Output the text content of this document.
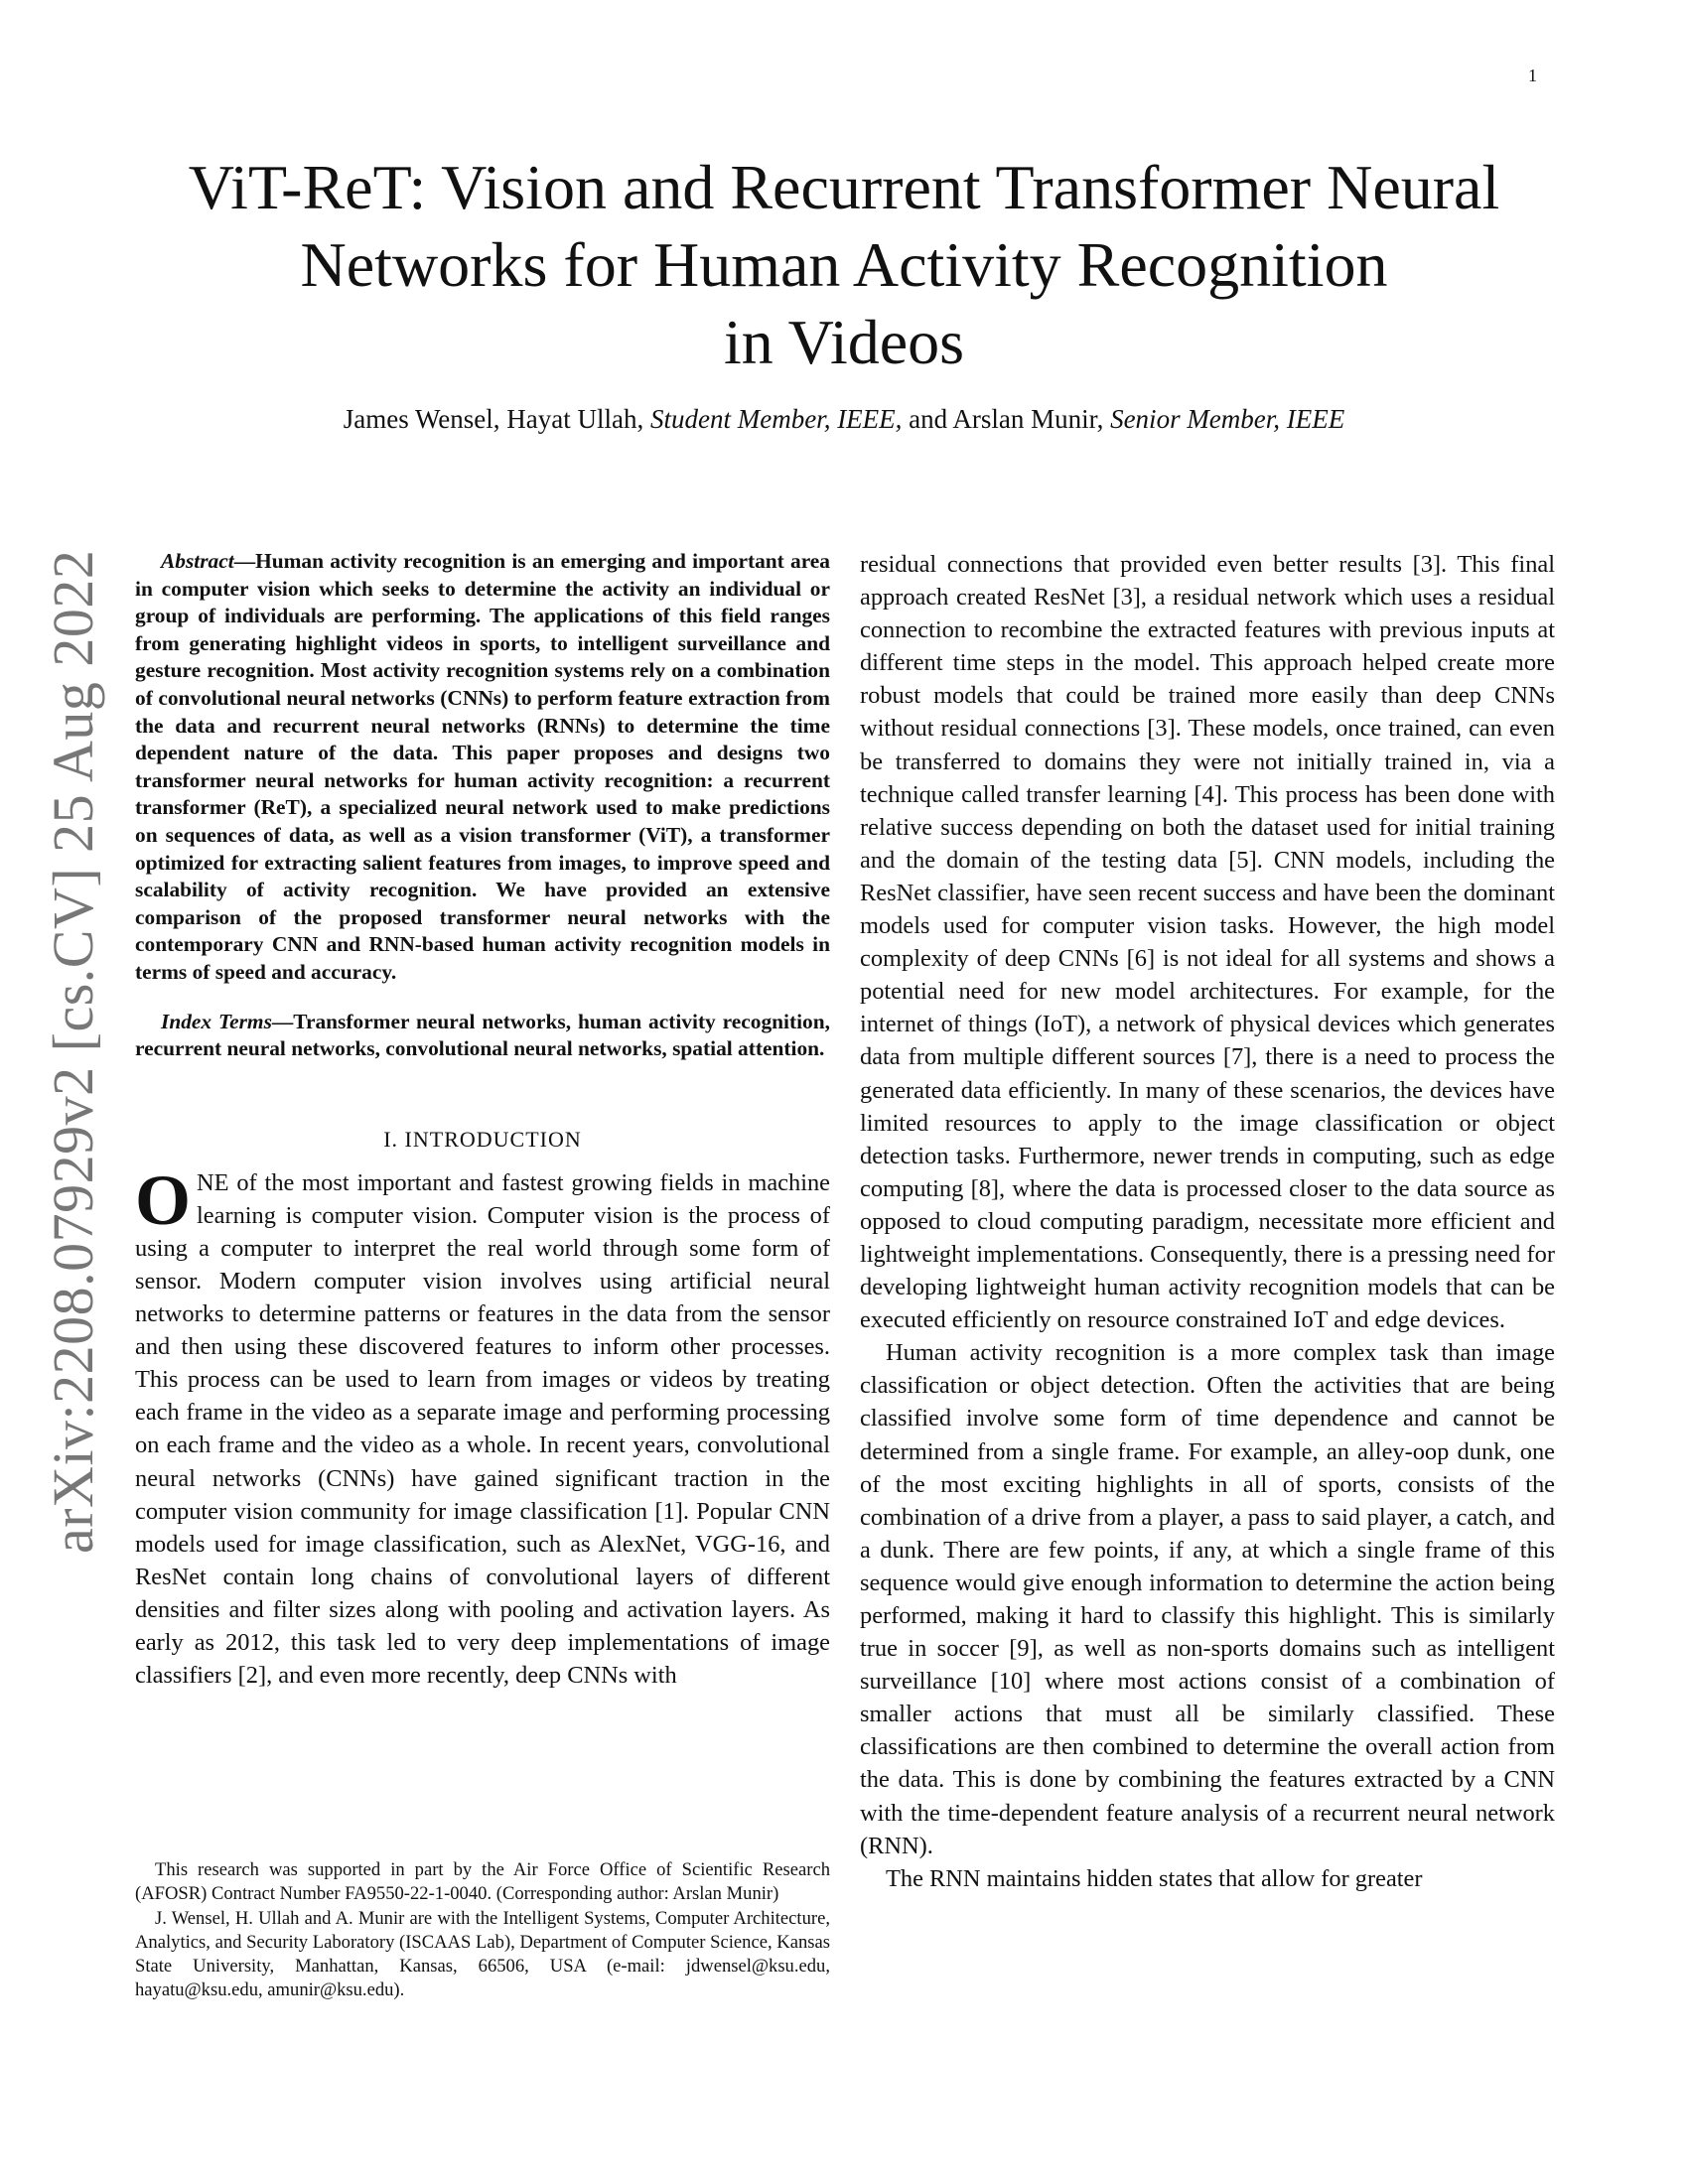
1
ViT-ReT: Vision and Recurrent Transformer Neural
Networks for Human Activity Recognition
in Videos
James Wensel, Hayat Ullah, Student Member, IEEE, and Arslan Munir, Senior Member, IEEE
arXiv:2208.07929v2 [cs.CV] 25 Aug 2022	Abstract—Human activity recognition is an emerging and important area in computer vision which seeks to determine the activity an individual or group of individuals are performing. The applications of this field ranges from generating highlight videos in sports, to intelligent surveillance and gesture recognition. Most activity recognition systems rely on a combination of convolutional neural networks (CNNs) to perform feature extraction from the data and recurrent neural networks (RNNs) to determine the time dependent nature of the data. This paper proposes and designs two transformer neural networks for human activity recognition: a recurrent transformer (ReT), a specialized neural network used to make predictions on sequences of data, as well as a vision transformer (ViT), a transformer optimized for extracting salient features from images, to improve speed and scalability of activity recognition. We have provided an extensive comparison of the proposed transformer neural networks with the contemporary CNN and RNN-based human activity recognition models in terms of speed and accuracy.

Index Terms—Transformer neural networks, human activity recognition, recurrent neural networks, convolutional neural networks, spatial attention.

I. INTRODUCTION

ONE of the most important and fastest growing fields in machine learning is computer vision. Computer vision is the process of using a computer to interpret the real world through some form of sensor. Modern computer vision involves using artificial neural networks to determine patterns or features in the data from the sensor and then using these discovered features to inform other processes. This process can be used to learn from images or videos by treating each frame in the video as a separate image and performing processing on each frame and the video as a whole. In recent years, convolutional neural networks (CNNs) have gained significant traction in the computer vision community for image classification [1]. Popular CNN models used for image classification, such as AlexNet, VGG-16, and ResNet contain long chains of convolutional layers of different densities and filter sizes along with pooling and activation layers. As early as 2012, this task led to very deep implementations of image classifiers [2], and even more recently, deep CNNs with

This research was supported in part by the Air Force Office of Scientific Research (AFOSR) Contract Number FA9550-22-1-0040. (Corresponding author: Arslan Munir)

J. Wensel, H. Ullah and A. Munir are with the Intelligent Systems, Computer Architecture, Analytics, and Security Laboratory (ISCAAS Lab), Department of Computer Science, Kansas State University, Manhattan, Kansas, 66506, USA (e-mail: jdwensel@ksu.edu, hayatu@ksu.edu, amunir@ksu.edu).

residual connections that provided even better results [3]. This final approach created ResNet [3], a residual network which uses a residual connection to recombine the extracted features with previous inputs at different time steps in the model. This approach helped create more robust models that could be trained more easily than deep CNNs without residual connections [3]. These models, once trained, can even be transferred to domains they were not initially trained in, via a technique called transfer learning [4]. This process has been done with relative success depending on both the dataset used for initial training and the domain of the testing data [5]. CNN models, including the ResNet classifier, have seen recent success and have been the dominant models used for computer vision tasks. However, the high model complexity of deep CNNs [6] is not ideal for all systems and shows a potential need for new model architectures. For example, for the internet of things (IoT), a network of physical devices which generates data from multiple different sources [7], there is a need to process the generated data efficiently. In many of these scenarios, the devices have limited resources to apply to the image classification or object detection tasks. Furthermore, newer trends in computing, such as edge computing [8], where the data is processed closer to the data source as opposed to cloud computing paradigm, necessitate more efficient and lightweight implementations. Consequently, there is a pressing need for developing lightweight human activity recognition models that can be executed efficiently on resource constrained IoT and edge devices.

Human activity recognition is a more complex task than image classification or object detection. Often the activities that are being classified involve some form of time dependence and cannot be determined from a single frame. For example, an alley-oop dunk, one of the most exciting highlights in all of sports, consists of the combination of a drive from a player, a pass to said player, a catch, and a dunk. There are few points, if any, at which a single frame of this sequence would give enough information to determine the action being performed, making it hard to classify this highlight. This is similarly true in soccer [9], as well as non-sports domains such as intelligent surveillance [10] where most actions consist of a combination of smaller actions that must all be similarly classified. These classifications are then combined to determine the overall action from the data. This is done by combining the features extracted by a CNN with the time-dependent feature analysis of a recurrent neural network (RNN).

The RNN maintains hidden states that allow for greater
